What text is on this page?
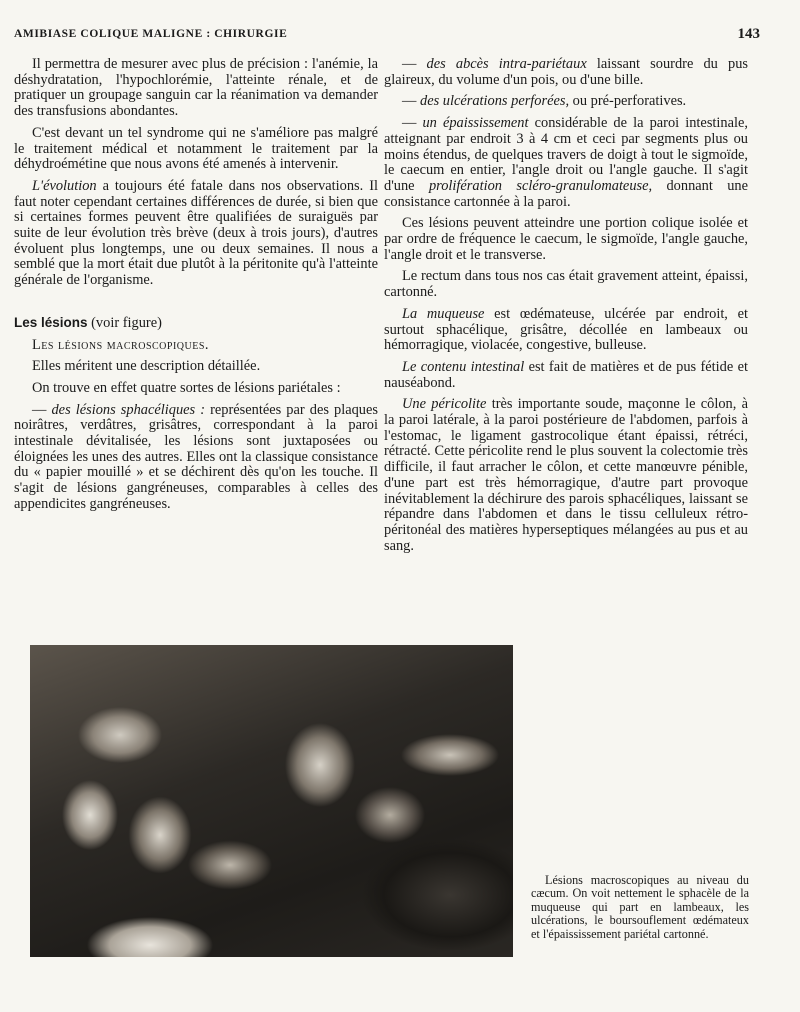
AMIBIASE COLIQUE MALIGNE : CHIRURGIE	143

Il permettra de mesurer avec plus de précision : l'anémie, la déshydratation, l'hypochlorémie, l'atteinte rénale, et de pratiquer un groupage sanguin car la réanimation va demander des transfusions abondantes.

C'est devant un tel syndrome qui ne s'améliore pas malgré le traitement médical et notamment le traitement par la déhydroémétine que nous avons été amenés à intervenir.

L'évolution a toujours été fatale dans nos observations. Il faut noter cependant certaines différences de durée, si bien que si certaines formes peuvent être qualifiées de suraiguës par suite de leur évolution très brève (deux à trois jours), d'autres évoluent plus longtemps, une ou deux semaines. Il nous a semblé que la mort était due plutôt à la péritonite qu'à l'atteinte générale de l'organisme.

Les lésions (voir figure)

Les lésions macroscopiques.

Elles méritent une description détaillée.

On trouve en effet quatre sortes de lésions pariétales :

— des lésions sphacéliques : représentées par des plaques noirâtres, verdâtres, grisâtres, correspondant à la paroi intestinale dévitalisée, les lésions sont juxtaposées ou éloignées les unes des autres. Elles ont la classique consistance du « papier mouillé » et se déchirent dès qu'on les touche. Il s'agit de lésions gangréneuses, comparables à celles des appendicites gangréneuses.

— des abcès intra-pariétaux laissant sourdre du pus glaireux, du volume d'un pois, ou d'une bille.

— des ulcérations perforées, ou pré-perforatives.

— un épaississement considérable de la paroi intestinale, atteignant par endroit 3 à 4 cm et ceci par segments plus ou moins étendus, de quelques travers de doigt à tout le sigmoïde, le caecum en entier, l'angle droit ou l'angle gauche. Il s'agit d'une prolifération scléro-granulomateuse, donnant une consistance cartonnée à la paroi.

Ces lésions peuvent atteindre une portion colique isolée et par ordre de fréquence le caecum, le sigmoïde, l'angle gauche, l'angle droit et le transverse.

Le rectum dans tous nos cas était gravement atteint, épaissi, cartonné.

La muqueuse est œdémateuse, ulcérée par endroit, et surtout sphacélique, grisâtre, décollée en lambeaux ou hémorragique, violacée, congestive, bulleuse.

Le contenu intestinal est fait de matières et de pus fétide et nauséabond.

Une péricolite très importante soude, maçonne le côlon, à la paroi latérale, à la paroi postérieure de l'abdomen, parfois à l'estomac, le ligament gastrocolique étant épaissi, rétréci, rétracté. Cette péricolite rend le plus souvent la colectomie très difficile, il faut arracher le côlon, et cette manœuvre pénible, d'une part est très hémorragique, d'autre part provoque inévitablement la déchirure des parois sphacéliques, laissant se répandre dans l'abdomen et dans le tissu celluleux rétro-péritonéal des matières hyperseptiques mélangées au pus et au sang.

Lésions macroscopiques au niveau du cæcum. On voit nettement le sphacèle de la muqueuse qui part en lambeaux, les ulcérations, le boursouflement œdémateux et l'épaississement pariétal cartonné.
